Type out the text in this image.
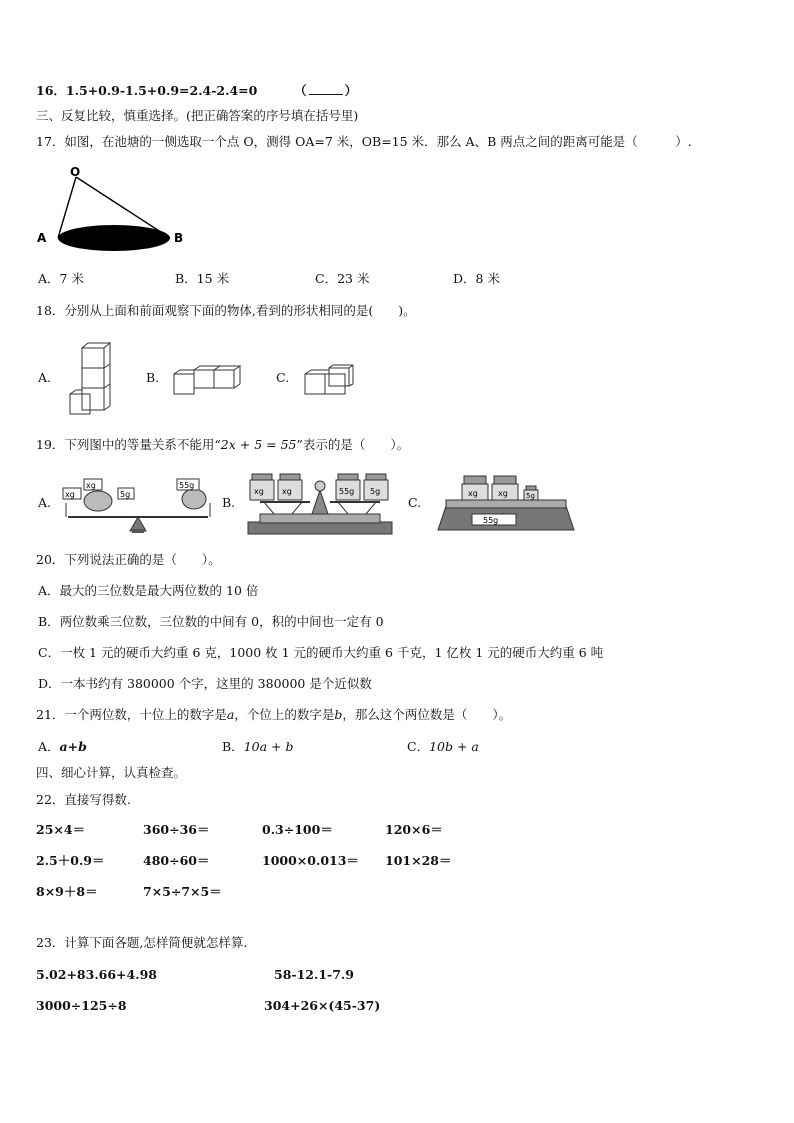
16．1.5+0.9-1.5+0.9=2.4-2.4=0	（	）
三、反复比较，慎重选择。(把正确答案的序号填在括号里)
17．如图，在池塘的一侧选取一个点 O，测得 OA=7 米，OB=15 米．那么 A、B 两点之间的距离可能是（　　　）.
O
A	B
A．7 米	B．15 米	C．23 米	D．8 米
18．分别从上面和前面观察下面的物体,看到的形状相同的是(　　)。
A.	B.	C.
19．下列图中的等量关系不能用“2x + 5 = 55”表示的是（　　）。
A.
xg
xg
5g
55g
B.
xg xg	55g 5g
C.
55g
xg	xg	5g
20．下列说法正确的是（　　）。
A．最大的三位数是最大两位数的 10 倍
B．两位数乘三位数，三位数的中间有 0，积的中间也一定有 0
C．一枚 1 元的硬币大约重 6 克，1000 枚 1 元的硬币大约重 6 千克，1 亿枚 1 元的硬币大约重 6 吨
D．一本书约有 380000 个字，这里的 380000 是个近似数
21．一个两位数，十位上的数字是a，个位上的数字是b，那么这个两位数是（　　）。
A．a+b	B．10a + b	C．10b + a
四、细心计算，认真检查。
22．直接写得数.
25×4＝	360÷36＝	0.3÷100＝	120×6＝
2.5＋0.9＝	480÷60＝	1000×0.013＝ 101×28＝
8×9＋8＝	7×5÷7×5＝
23．计算下面各题,怎样简便就怎样算.
5.02+83.66+4.98	58-12.1-7.9
3000÷125÷8	304+26×(45-37)
